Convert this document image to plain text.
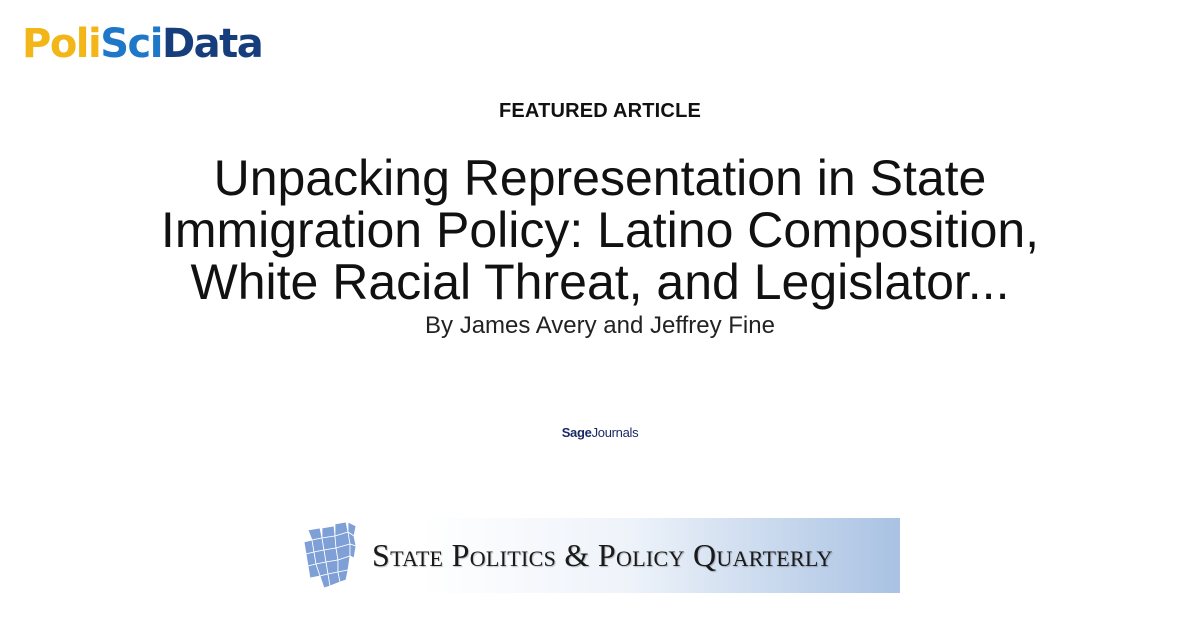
PoliSciData
FEATURED ARTICLE
Unpacking Representation in State Immigration Policy: Latino Composition, White Racial Threat, and Legislator...
By James Avery and Jeffrey Fine
SageJournals
State Politics & Policy Quarterly
